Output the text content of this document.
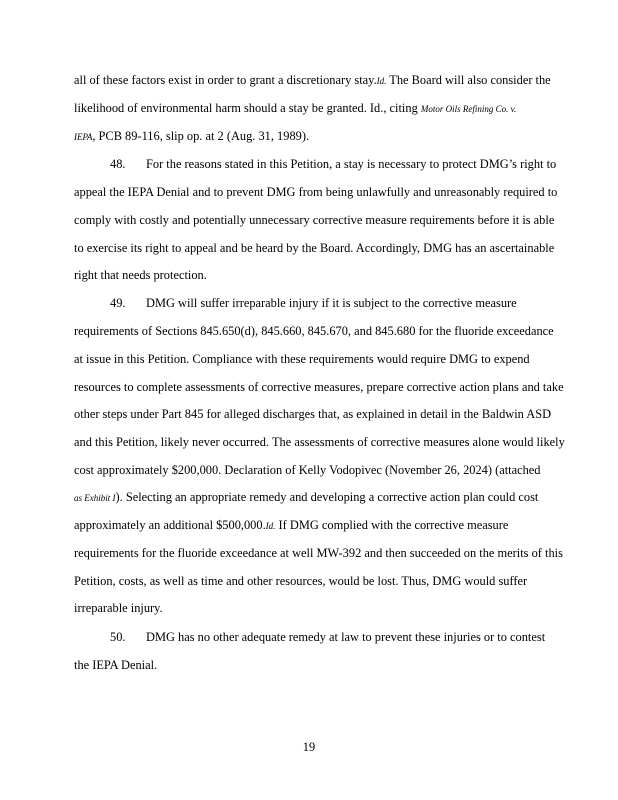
all of these factors exist in order to grant a discretionary stay.Id. The Board will also consider the
likelihood of environmental harm should a stay be granted. Id., citing Motor Oils Refining Co. v.
IEPA, PCB 89-116, slip op. at 2 (Aug. 31, 1989).
48. For the reasons stated in this Petition, a stay is necessary to protect DMG’s right to
appeal the IEPA Denial and to prevent DMG from being unlawfully and unreasonably required to
comply with costly and potentially unnecessary corrective measure requirements before it is able
to exercise its right to appeal and be heard by the Board. Accordingly, DMG has an ascertainable
right that needs protection.
49. DMG will suffer irreparable injury if it is subject to the corrective measure
requirements of Sections 845.650(d), 845.660, 845.670, and 845.680 for the fluoride exceedance
at issue in this Petition. Compliance with these requirements would require DMG to expend
resources to complete assessments of corrective measures, prepare corrective action plans and take
other steps under Part 845 for alleged discharges that, as explained in detail in the Baldwin ASD
and this Petition, likely never occurred. The assessments of corrective measures alone would likely
cost approximately $200,000. Declaration of Kelly Vodopivec (November 26, 2024) (attached
as Exhibit I). Selecting an appropriate remedy and developing a corrective action plan could cost
approximately an additional $500,000.Id. If DMG complied with the corrective measure
requirements for the fluoride exceedance at well MW-392 and then succeeded on the merits of this
Petition, costs, as well as time and other resources, would be lost. Thus, DMG would suffer
irreparable injury.
50. DMG has no other adequate remedy at law to prevent these injuries or to contest
the IEPA Denial.
19
